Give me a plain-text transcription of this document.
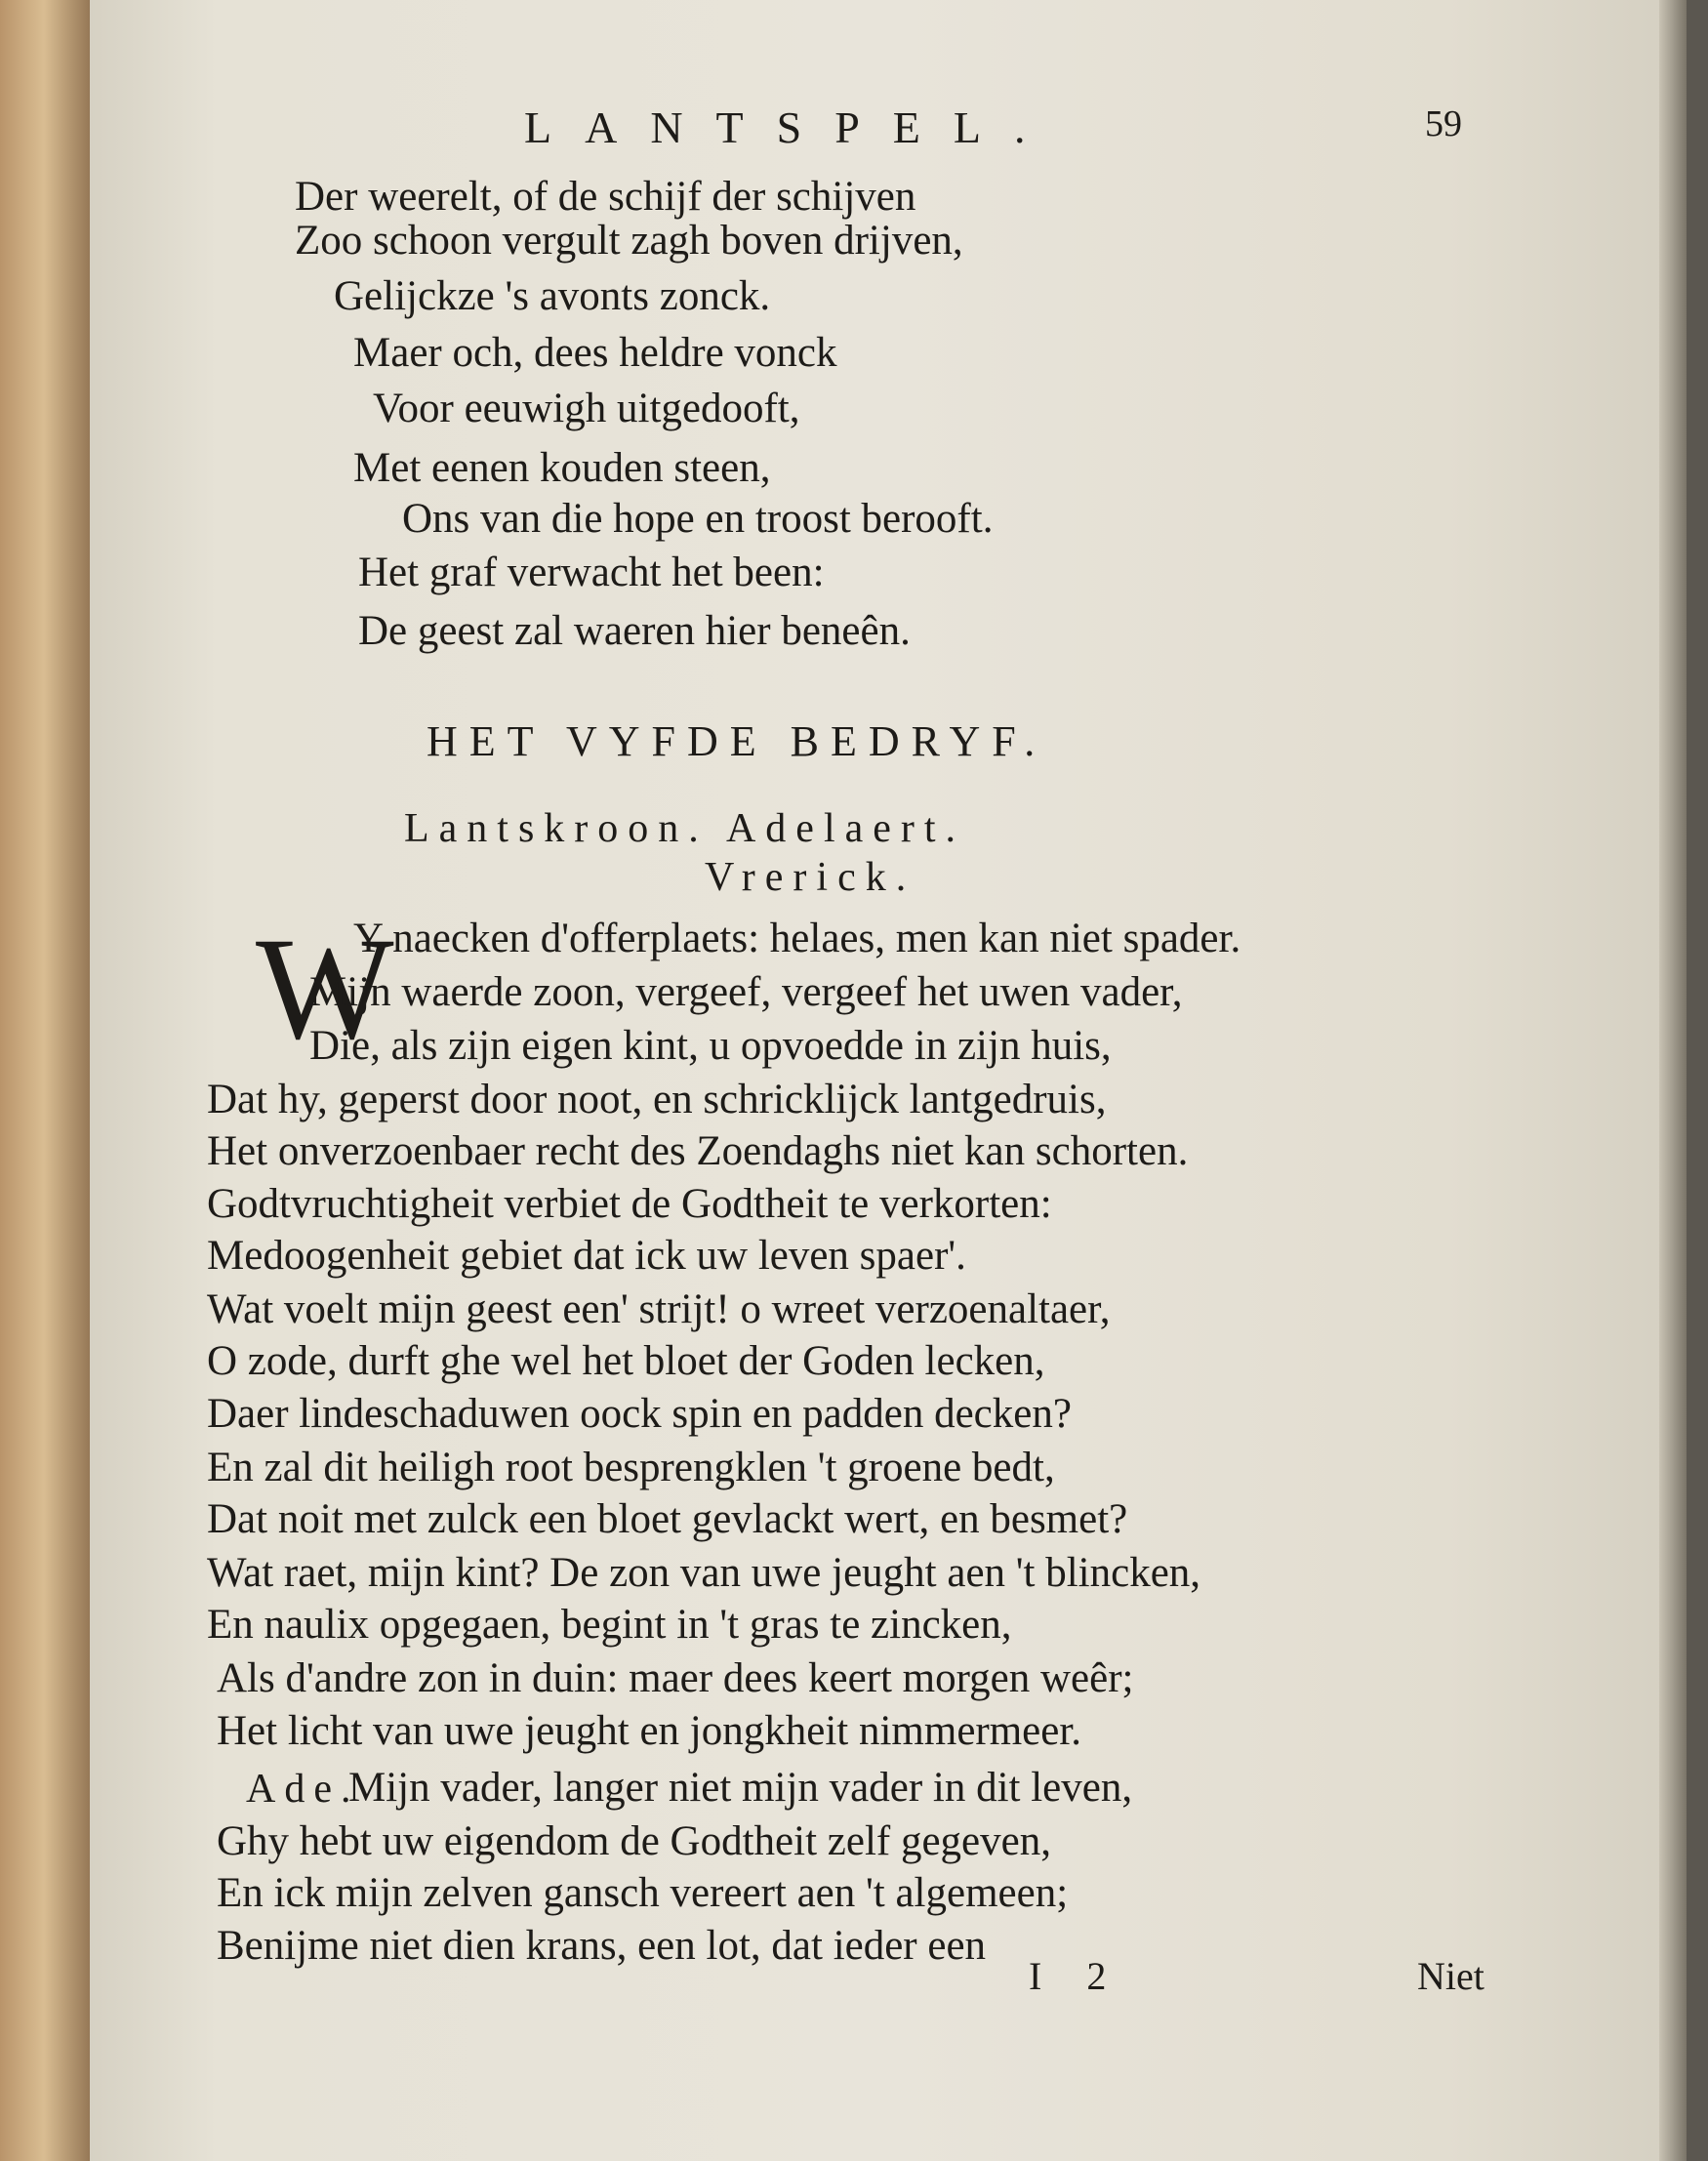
LANTSPEL.	59
Der weerelt, of de schijf der schijven
Zoo schoon vergult zagh boven drijven,
Gelijckze 's avonts zonck.
Maer och, dees heldre vonck
Voor eeuwigh uitgedooft,
Met eenen kouden steen,
Ons van die hope en troost berooft.
Het graf verwacht het been:
De geest zal waeren hier beneên.
HET VYFDE BEDRYF.
Lantskroon. Adelaert.
Vrerick.
W
Y naecken d'offerplaets: helaes, men kan niet spader.
Mijn waerde zoon, vergeef, vergeef het uwen vader,
Die, als zijn eigen kint, u opvoedde in zijn huis,
Dat hy, geperst door noot, en schricklijck lantgedruis,
Het onverzoenbaer recht des Zoendaghs niet kan schorten.
Godtvruchtigheit verbiet de Godtheit te verkorten:
Medoogenheit gebiet dat ick uw leven spaer'.
Wat voelt mijn geest een' strijt! o wreet verzoenaltaer,
O zode, durft ghe wel het bloet der Goden lecken,
Daer lindeschaduwen oock spin en padden decken?
En zal dit heiligh root besprengklen 't groene bedt,
Dat noit met zulck een bloet gevlackt wert, en besmet?
Wat raet, mijn kint? De zon van uwe jeught aen 't blincken,
En naulix opgegaen, begint in 't gras te zincken,
Als d'andre zon in duin: maer dees keert morgen weêr;
Het licht van uwe jeught en jongkheit nimmermeer.
Ade.
Mijn vader, langer niet mijn vader in dit leven,
Ghy hebt uw eigendom de Godtheit zelf gegeven,
En ick mijn zelven gansch vereert aen 't algemeen;
Benijme niet dien krans, een lot, dat ieder een
I 2	Niet
